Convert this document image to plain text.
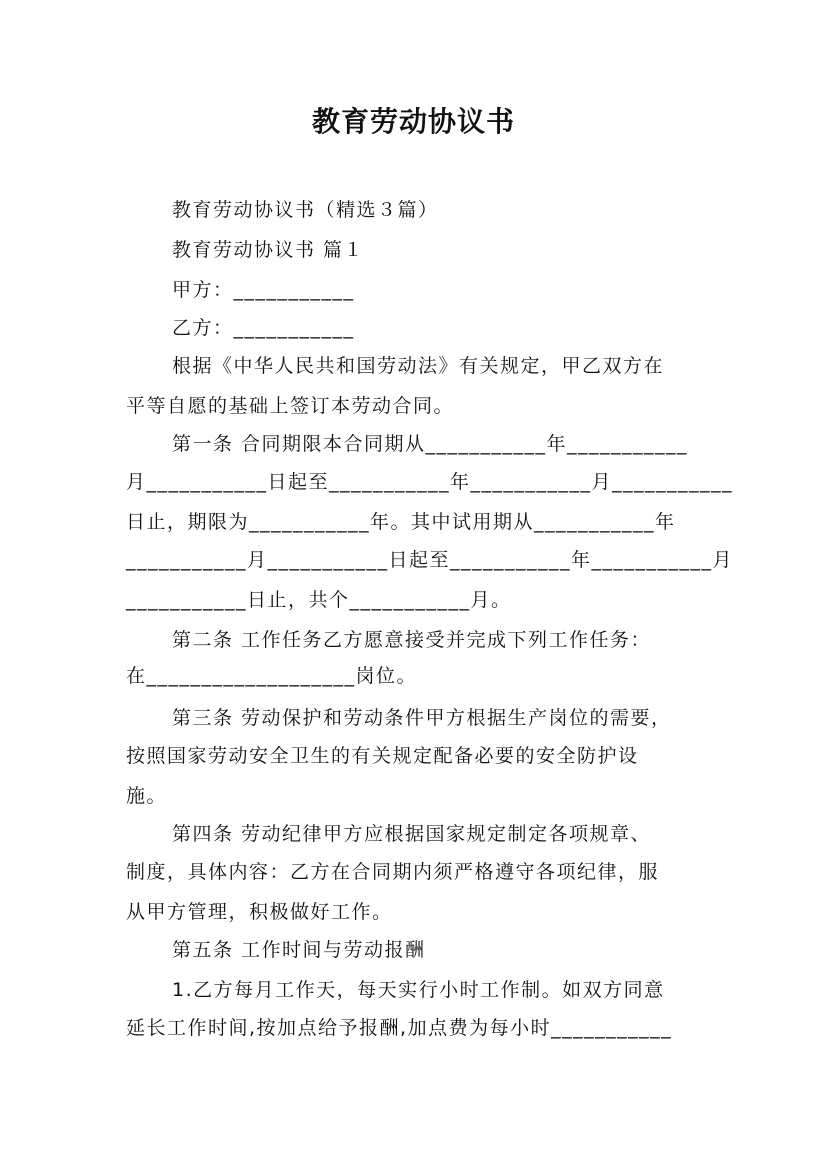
教育劳动协议书
教育劳动协议书（精选３篇）
教育劳动协议书 篇１
甲方：___________
乙方：___________
根据《中华人民共和国劳动法》有关规定，甲乙双方在
平等自愿的基础上签订本劳动合同。
第一条 合同期限本合同期从___________年___________
月___________日起至___________年___________月___________
日止，期限为___________年。其中试用期从___________年
___________月___________日起至___________年___________月
___________日止，共个___________月。
第二条 工作任务乙方愿意接受并完成下列工作任务：
在___________________岗位。
第三条 劳动保护和劳动条件甲方根据生产岗位的需要，
按照国家劳动安全卫生的有关规定配备必要的安全防护设
施。
第四条 劳动纪律甲方应根据国家规定制定各项规章、
制度，具体内容：乙方在合同期内须严格遵守各项纪律，服
从甲方管理，积极做好工作。
第五条 工作时间与劳动报酬
1.乙方每月工作天，每天实行小时工作制。如双方同意
延长工作时间,按加点给予报酬,加点费为每小时___________
